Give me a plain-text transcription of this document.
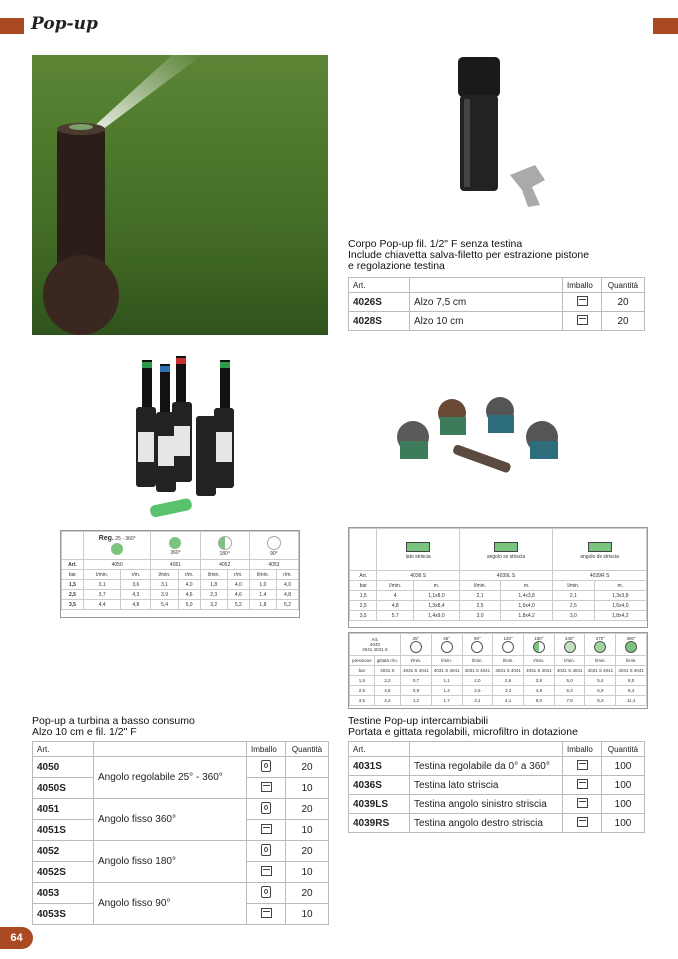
Pop-up
Corpo Pop-up fil. 1/2" F senza testina
Include chiavetta salva-filetto per estrazione pistone
e regolazione testina
Art.		Imballo	Quantità
4026S	Alzo 7,5 cm		20
4028S	Alzo 10 cm		20
	Reg. 25 - 360°		360°		180°		90°	
Art.	4050		4051		4052		4053	
bar	l/min.	r/m.	l/min.	r/m.	l/min.	r/m.	l/min.	r/m.
1,5	3,1	3,6	3,1	4,0	1,8	4,0	1,0	4,0
2,5	3,7	4,3	3,9	4,6	2,3	4,6	1,4	4,8
3,5	4,4	4,8	5,4	5,0	3,2	5,2	1,8	5,2

lato striscia		angolo sx striscia		angolo dx striscia	
Art.	4036 S		4039L S		4039R S	
bar	l/min.	m.	l/min.	m.	l/min.	m.
1,5	4	1,1x8,0	2,1	1,4x3,8	2,1	1,3x3,8
2,5	4,8	1,3x8,4	2,5	1,6x4,0	2,5	1,6x4,0
3,5	5,7	1,4x9,0	3,0	1,8x4,2	3,0	1,8x4,2
Art.
4040
4041 4031 S		25°	45°	90°	120°	180°	240°	270°	360°

pressione	gittata r/m.	l/min.	l/min.	l/min.	l/min.	l/min.	l/min.	l/min.	l/min.
bar	4031 S	4031 S 4041	4031 S 4041	4031 S 4041	4031 S 4041	4031 S 4041	4031 S 4041	4031 S 4041	4031 S 4041
1,5	3,2	0,7	1,1	2,0	2,6	3,8	5,0	5,4	8,0
2,5	3,8	0,9	1,4	2,5	3,3	4,8	6,3	6,9	9,4
3,5	4,2	1,2	1,7	3,1	4,1	6,0	7,8	8,3	11,4
Pop-up a turbina a basso consumo
Alzo 10 cm e fil. 1/2" F
Art.		Imballo	Quantità
4050	Angolo regolabile 25° - 360°		20
4050S			10
4051	Angolo fisso 360°		20
4051S			10
4052	Angolo fisso 180°		20
4052S			10
4053	Angolo fisso 90°		20
4053S			10
Testine Pop-up intercambiabili
Portata e gittata regolabili, microfiltro in dotazione
Art.		Imballo	Quantità
4031S	Testina regolabile da 0° a 360°		100
4036S	Testina lato striscia		100
4039LS	Testina angolo sinistro striscia		100
4039RS	Testina angolo destro striscia		100
64
